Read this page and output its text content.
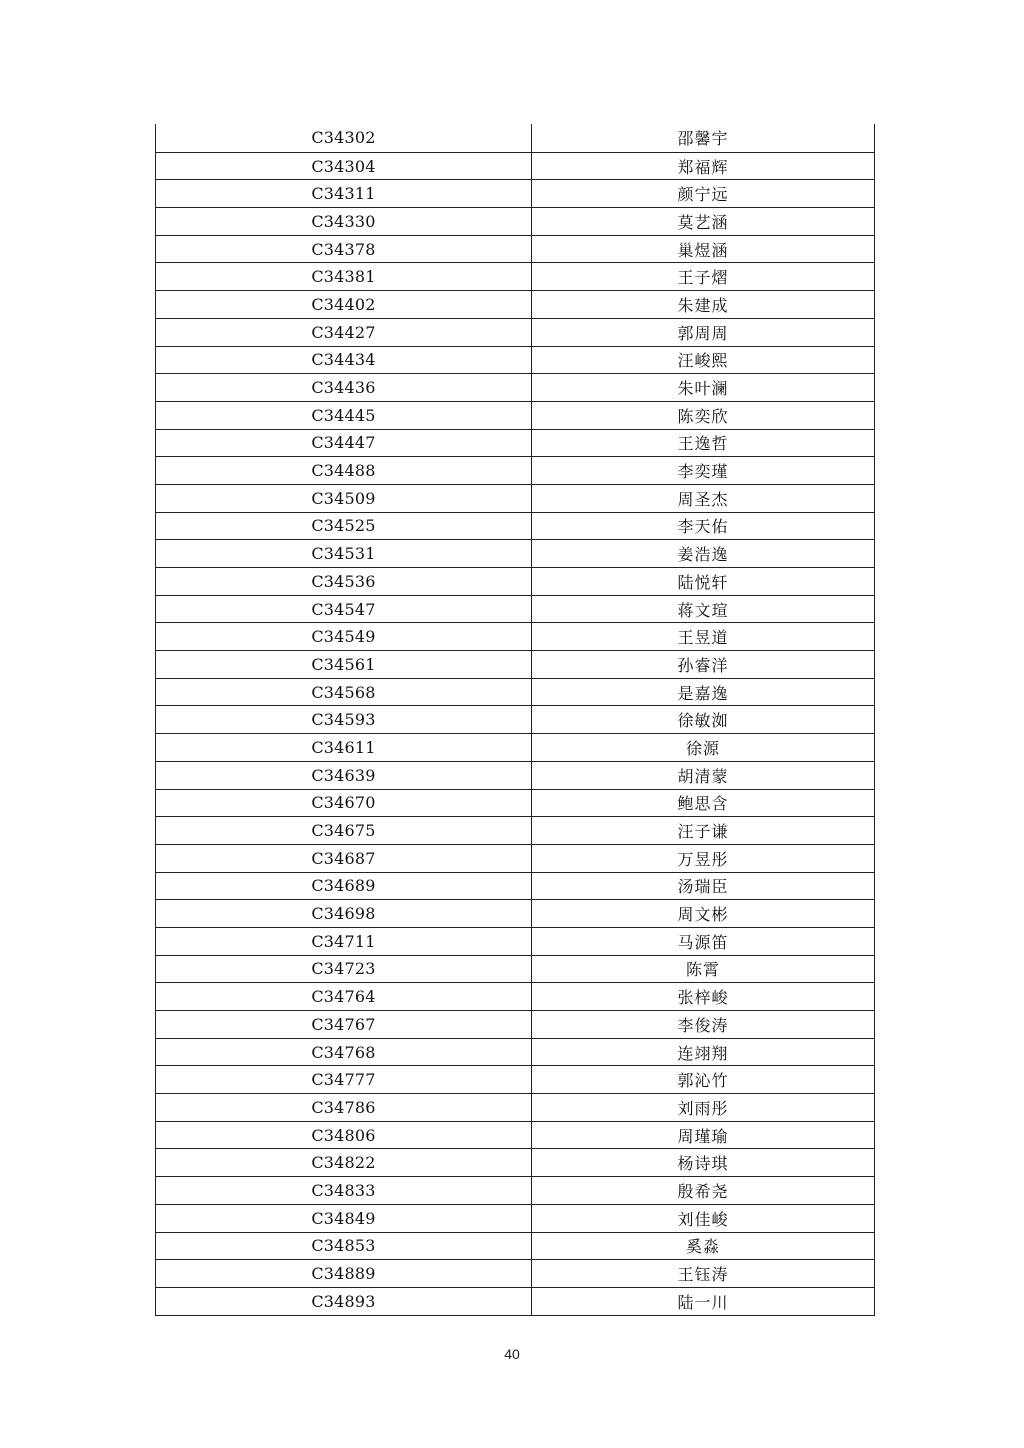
C34302	邵馨宇
C34304	郑福辉
C34311	颜宁远
C34330	莫艺涵
C34378	巢煜涵
C34381	王子熠
C34402	朱建成
C34427	郭周周
C34434	汪峻熙
C34436	朱叶澜
C34445	陈奕欣
C34447	王逸哲
C34488	李奕瑾
C34509	周圣杰
C34525	李天佑
C34531	姜浩逸
C34536	陆悦轩
C34547	蒋文瑄
C34549	王昱道
C34561	孙睿洋
C34568	是嘉逸
C34593	徐敏洳
C34611	徐源
C34639	胡清蒙
C34670	鲍思含
C34675	汪子谦
C34687	万昱彤
C34689	汤瑞臣
C34698	周文彬
C34711	马源笛
C34723	陈霄
C34764	张梓峻
C34767	李俊涛
C34768	连翊翔
C34777	郭沁竹
C34786	刘雨彤
C34806	周瑾瑜
C34822	杨诗琪
C34833	殷希尧
C34849	刘佳峻
C34853	奚淼
C34889	王钰涛
C34893	陆一川
40
